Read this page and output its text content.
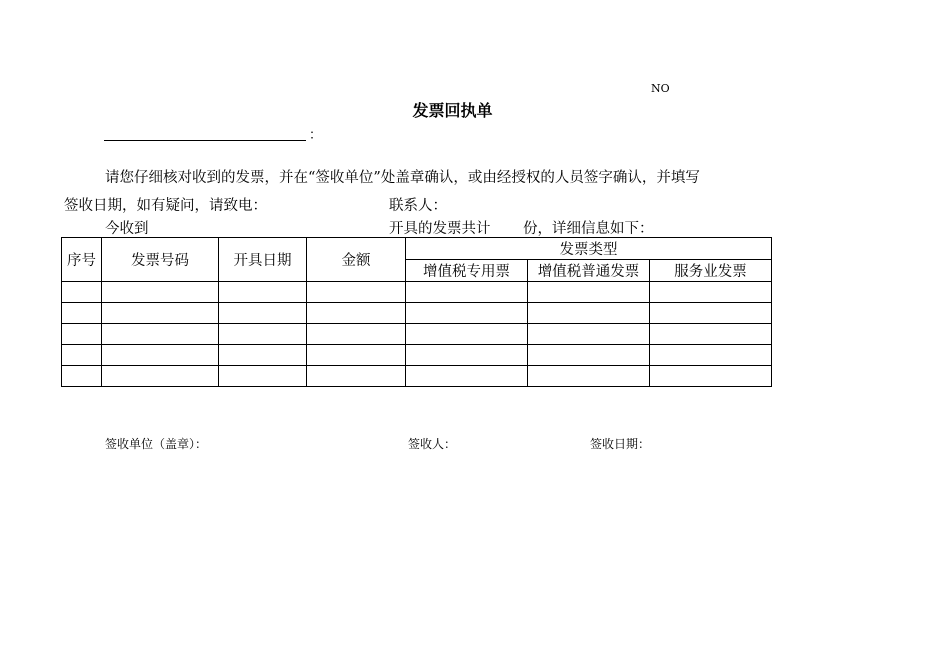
NO
发票回执单
：
请您仔细核对收到的发票，并在“签收单位”处盖章确认，或由经授权的人员签字确认，并填写
签收日期，如有疑问，请致电：	联系人：
今收到	开具的发票共计 份，详细信息如下：
序号	发票号码	开具日期	金额	发票类型		
				增值税专用票	增值税普通发票	服务业发票

签收单位（盖章）：	签收人：	签收日期：
